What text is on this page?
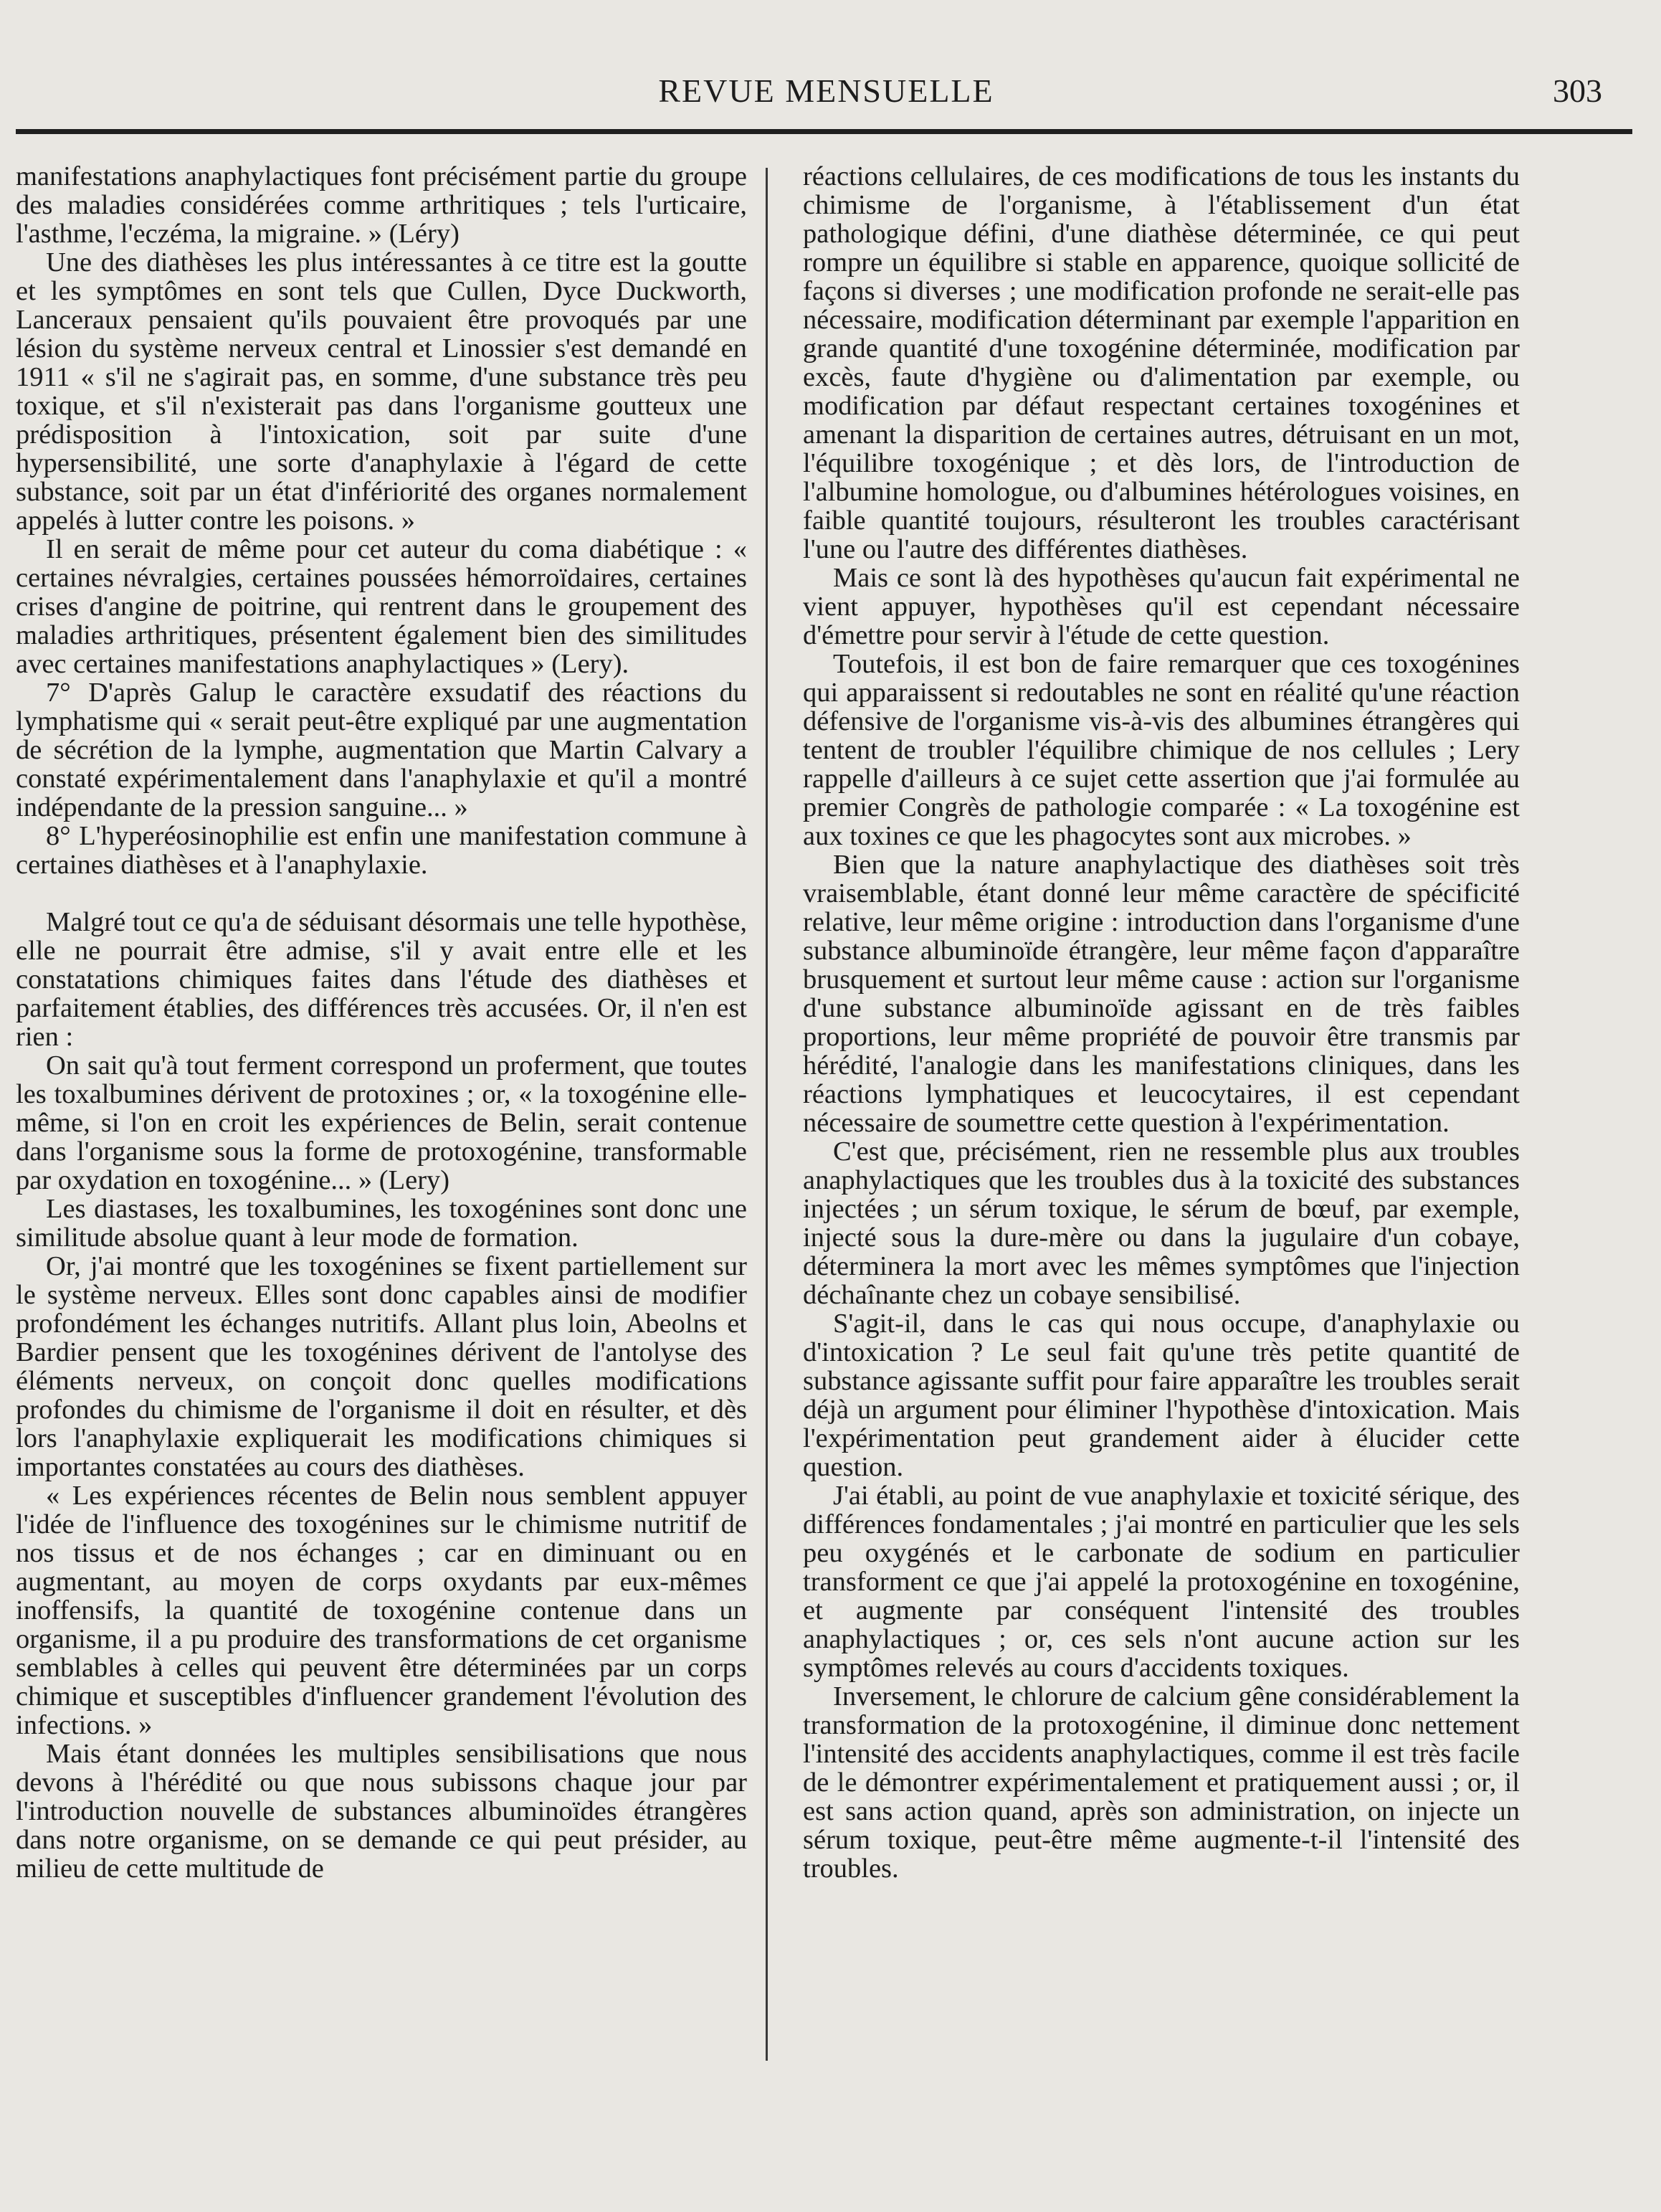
REVUE MENSUELLE	303

manifestations anaphylactiques font précisément partie du groupe des maladies considérées comme arthritiques ; tels l'urticaire, l'asthme, l'eczéma, la migraine. » (Léry)

Une des diathèses les plus intéressantes à ce titre est la goutte et les symptômes en sont tels que Cullen, Dyce Duckworth, Lanceraux pensaient qu'ils pouvaient être provoqués par une lésion du système nerveux central et Linossier s'est demandé en 1911 « s'il ne s'agirait pas, en somme, d'une substance très peu toxique, et s'il n'existerait pas dans l'organisme goutteux une prédisposition à l'intoxication, soit par suite d'une hypersensibilité, une sorte d'anaphylaxie à l'égard de cette substance, soit par un état d'infériorité des organes normalement appelés à lutter contre les poisons. »

Il en serait de même pour cet auteur du coma diabétique : « certaines névralgies, certaines poussées hémorroïdaires, certaines crises d'angine de poitrine, qui rentrent dans le groupement des maladies arthritiques, présentent également bien des similitudes avec certaines manifestations anaphylactiques » (Lery).

7° D'après Galup le caractère exsudatif des réactions du lymphatisme qui « serait peut-être expliqué par une augmentation de sécrétion de la lymphe, augmentation que Martin Calvary a constaté expérimentalement dans l'anaphylaxie et qu'il a montré indépendante de la pression sanguine... »

8° L'hyperéosinophilie est enfin une manifestation commune à certaines diathèses et à l'anaphylaxie.

Malgré tout ce qu'a de séduisant désormais une telle hypothèse, elle ne pourrait être admise, s'il y avait entre elle et les constatations chimiques faites dans l'étude des diathèses et parfaitement établies, des différences très accusées. Or, il n'en est rien :

On sait qu'à tout ferment correspond un proferment, que toutes les toxalbumines dérivent de protoxines ; or, « la toxogénine elle-même, si l'on en croit les expériences de Belin, serait contenue dans l'organisme sous la forme de protoxogénine, transformable par oxydation en toxogénine... » (Lery)

Les diastases, les toxalbumines, les toxogénines sont donc une similitude absolue quant à leur mode de formation.

Or, j'ai montré que les toxogénines se fixent partiellement sur le système nerveux. Elles sont donc capables ainsi de modifier profondément les échanges nutritifs. Allant plus loin, Abeolns et Bardier pensent que les toxogénines dérivent de l'antolyse des éléments nerveux, on conçoit donc quelles modifications profondes du chimisme de l'organisme il doit en résulter, et dès lors l'anaphylaxie expliquerait les modifications chimiques si importantes constatées au cours des diathèses.

« Les expériences récentes de Belin nous semblent appuyer l'idée de l'influence des toxogénines sur le chimisme nutritif de nos tissus et de nos échanges ; car en diminuant ou en augmentant, au moyen de corps oxydants par eux-mêmes inoffensifs, la quantité de toxogénine contenue dans un organisme, il a pu produire des transformations de cet organisme semblables à celles qui peuvent être déterminées par un corps chimique et susceptibles d'influencer grandement l'évolution des infections. »

Mais étant données les multiples sensibilisations que nous devons à l'hérédité ou que nous subissons chaque jour par l'introduction nouvelle de substances albuminoïdes étrangères dans notre organisme, on se demande ce qui peut présider, au milieu de cette multitude de

réactions cellulaires, de ces modifications de tous les instants du chimisme de l'organisme, à l'établissement d'un état pathologique défini, d'une diathèse déterminée, ce qui peut rompre un équilibre si stable en apparence, quoique sollicité de façons si diverses ; une modification profonde ne serait-elle pas nécessaire, modification déterminant par exemple l'apparition en grande quantité d'une toxogénine déterminée, modification par excès, faute d'hygiène ou d'alimentation par exemple, ou modification par défaut respectant certaines toxogénines et amenant la disparition de certaines autres, détruisant en un mot, l'équilibre toxogénique ; et dès lors, de l'introduction de l'albumine homologue, ou d'albumines hétérologues voisines, en faible quantité toujours, résulteront les troubles caractérisant l'une ou l'autre des différentes diathèses.

Mais ce sont là des hypothèses qu'aucun fait expérimental ne vient appuyer, hypothèses qu'il est cependant nécessaire d'émettre pour servir à l'étude de cette question.

Toutefois, il est bon de faire remarquer que ces toxogénines qui apparaissent si redoutables ne sont en réalité qu'une réaction défensive de l'organisme vis-à-vis des albumines étrangères qui tentent de troubler l'équilibre chimique de nos cellules ; Lery rappelle d'ailleurs à ce sujet cette assertion que j'ai formulée au premier Congrès de pathologie comparée : « La toxogénine est aux toxines ce que les phagocytes sont aux microbes. »

Bien que la nature anaphylactique des diathèses soit très vraisemblable, étant donné leur même caractère de spécificité relative, leur même origine : introduction dans l'organisme d'une substance albuminoïde étrangère, leur même façon d'apparaître brusquement et surtout leur même cause : action sur l'organisme d'une substance albuminoïde agissant en de très faibles proportions, leur même propriété de pouvoir être transmis par hérédité, l'analogie dans les manifestations cliniques, dans les réactions lymphatiques et leucocytaires, il est cependant nécessaire de soumettre cette question à l'expérimentation.

C'est que, précisément, rien ne ressemble plus aux troubles anaphylactiques que les troubles dus à la toxicité des substances injectées ; un sérum toxique, le sérum de bœuf, par exemple, injecté sous la dure-mère ou dans la jugulaire d'un cobaye, déterminera la mort avec les mêmes symptômes que l'injection déchaînante chez un cobaye sensibilisé.

S'agit-il, dans le cas qui nous occupe, d'anaphylaxie ou d'intoxication ? Le seul fait qu'une très petite quantité de substance agissante suffit pour faire apparaître les troubles serait déjà un argument pour éliminer l'hypothèse d'intoxication. Mais l'expérimentation peut grandement aider à élucider cette question.

J'ai établi, au point de vue anaphylaxie et toxicité sérique, des différences fondamentales ; j'ai montré en particulier que les sels peu oxygénés et le carbonate de sodium en particulier transforment ce que j'ai appelé la protoxogénine en toxogénine, et augmente par conséquent l'intensité des troubles anaphylactiques ; or, ces sels n'ont aucune action sur les symptômes relevés au cours d'accidents toxiques.

Inversement, le chlorure de calcium gêne considérablement la transformation de la protoxogénine, il diminue donc nettement l'intensité des accidents anaphylactiques, comme il est très facile de le démontrer expérimentalement et pratiquement aussi ; or, il est sans action quand, après son administration, on injecte un sérum toxique, peut-être même augmente-t-il l'intensité des troubles.
